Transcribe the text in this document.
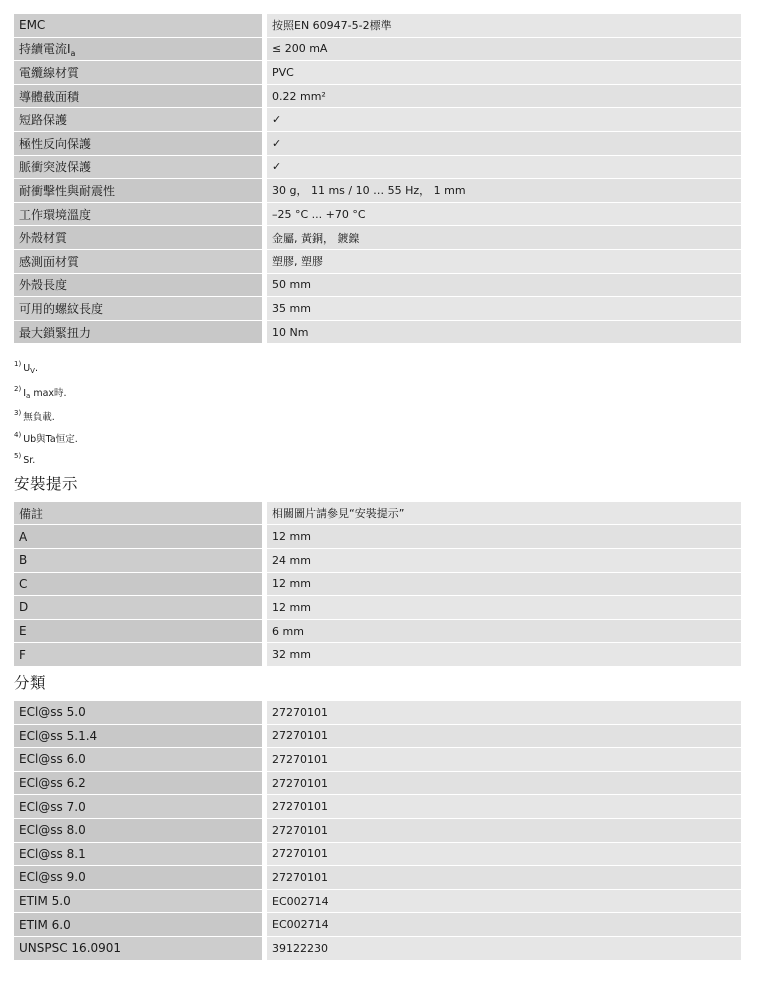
EMC	按照EN 60947-5-2標準
持續電流$I_a$	≤ 200 mA
電纜線材質	PVC
導體截面積	0.22 mm²
短路保護	✓
極性反向保護	✓
脈衝突波保護	✓
耐衝擊性與耐震性	30 g， 11 ms / 10 … 55 Hz， 1 mm
工作環境溫度	–25 °C ... +70 °C
外殼材質	金屬, 黃銅， 鍍鎳
感測面材質	塑膠, 塑膠
外殼長度	50 mm
可用的螺紋長度	35 mm
最大鎖緊扭力	10 Nm
$^{1)}$ $U_V$.
$^{2)}$ $I_a$ max時.
$^{3)}$ 無負載.
$^{4)}$ Ub與Ta恒定.
$^{5)}$ Sr.
安裝提示
備註	相關圖片請參見“安裝提示”
A	12 mm
B	24 mm
C	12 mm
D	12 mm
E	6 mm
F	32 mm
分類
ECl@ss 5.0	27270101
ECl@ss 5.1.4	27270101
ECl@ss 6.0	27270101
ECl@ss 6.2	27270101
ECl@ss 7.0	27270101
ECl@ss 8.0	27270101
ECl@ss 8.1	27270101
ECl@ss 9.0	27270101
ETIM 5.0	EC002714
ETIM 6.0	EC002714
UNSPSC 16.0901	39122230
